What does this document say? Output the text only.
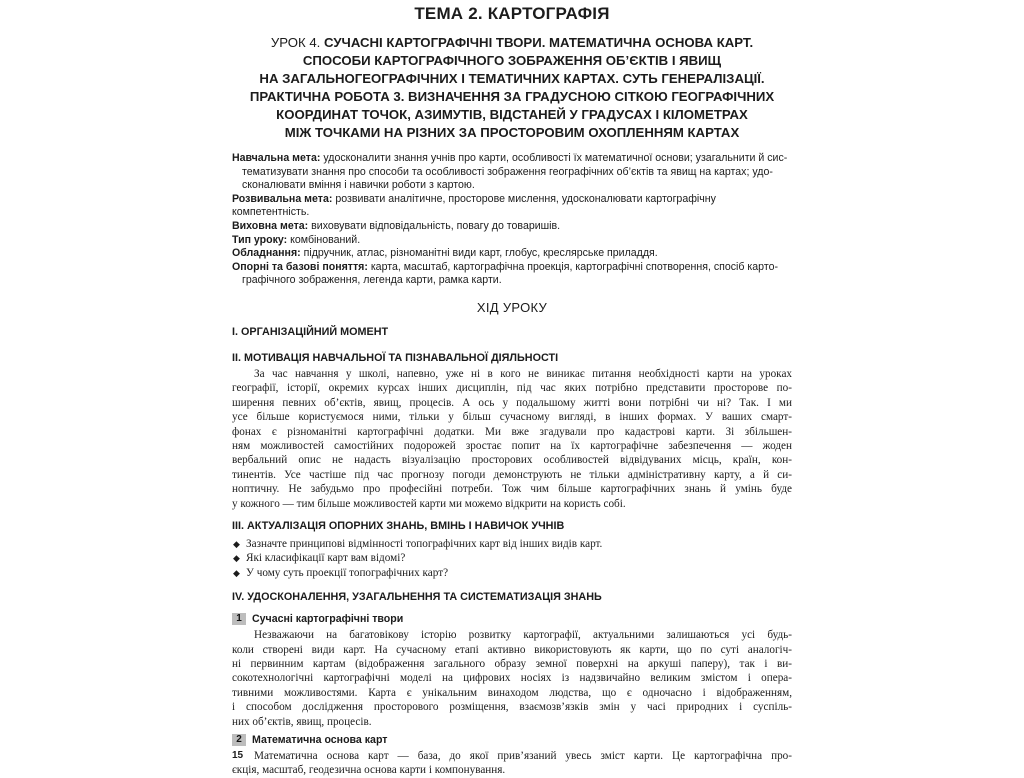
ТЕМА 2. КАРТОГРАФІЯ
УРОК 4. СУЧАСНІ КАРТОГРАФІЧНІ ТВОРИ. МАТЕМАТИЧНА ОСНОВА КАРТ.
СПОСОБИ КАРТОГРАФІЧНОГО ЗОБРАЖЕННЯ ОБ’ЄКТІВ І ЯВИЩ
НА ЗАГАЛЬНОГЕОГРАФІЧНИХ І ТЕМАТИЧНИХ КАРТАХ. СУТЬ ГЕНЕРАЛІЗАЦІЇ.
ПРАКТИЧНА РОБОТА 3. ВИЗНАЧЕННЯ ЗА ГРАДУСНОЮ СІТКОЮ ГЕОГРАФІЧНИХ
КООРДИНАТ ТОЧОК, АЗИМУТІВ, ВІДСТАНЕЙ У ГРАДУСАХ І КІЛОМЕТРАХ
МІЖ ТОЧКАМИ НА РІЗНИХ ЗА ПРОСТОРОВИМ ОХОПЛЕННЯМ КАРТАХ

Навчальна мета: удосконалити знання учнів про карти, особливості їх математичної основи; узагальнити й сис-
тематизувати знання про способи та особливості зображення географічних об’єктів та явищ на картах; удо-
сконалювати вміння і навички роботи з картою.

Розвивальна мета: розвивати аналітичне, просторове мислення, удосконалювати картографічну компетентність.

Виховна мета: виховувати відповідальність, повагу до товаришів.

Тип уроку: комбінований.

Обладнання: підручник, атлас, різноманітні види карт, глобус, креслярське приладдя.

Опорні та базові поняття: карта, масштаб, картографічна проекція, картографічні спотворення, спосіб карто-
графічного зображення, легенда карти, рамка карти.

ХІД УРОКУ

І. ОРГАНІЗАЦІЙНИЙ МОМЕНТ

ІІ. МОТИВАЦІЯ НАВЧАЛЬНОЇ ТА ПІЗНАВАЛЬНОЇ ДІЯЛЬНОСТІ

За час навчання у школі, напевно, уже ні в кого не виникає питання необхідності карти на уроках
географії, історії, окремих курсах інших дисциплін, під час яких потрібно представити просторове по-
ширення певних об’єктів, явищ, процесів. А ось у подальшому житті вони потрібні чи ні? Так. І ми
усе більше користуємося ними, тільки у більш сучасному вигляді, в інших формах. У ваших смарт-
фонах є різноманітні картографічні додатки. Ми вже згадували про кадастрові карти. Зі збільшен-
ням можливостей самостійних подорожей зростає попит на їх картографічне забезпечення — жоден
вербальний опис не надасть візуалізацію просторових особливостей відвідуваних місць, країн, кон-
тинентів. Усе частіше під час прогнозу погоди демонструють не тільки адміністративну карту, а й си-
ноптичну. Не забудьмо про професійні потреби. Тож чим більше картографічних знань й умінь буде
у кожного — тим більше можливостей карти ми можемо відкрити на користь собі.

ІІІ. АКТУАЛІЗАЦІЯ ОПОРНИХ ЗНАНЬ, ВМІНЬ І НАВИЧОК УЧНІВ

◆ Зазначте принципові відмінності топографічних карт від інших видів карт.
◆ Які класифікації карт вам відомі?
◆ У чому суть проекції топографічних карт?

IV. УДОСКОНАЛЕННЯ, УЗАГАЛЬНЕННЯ ТА СИСТЕМАТИЗАЦІЯ ЗНАНЬ

1 Сучасні картографічні твори

Незважаючи на багатовікову історію розвитку картографії, актуальними залишаються усі будь-
коли створені види карт. На сучасному етапі активно використовують як карти, що по суті аналогіч-
ні первинним картам (відображення загального образу земної поверхні на аркуші паперу), так і ви-
сокотехнологічні картографічні моделі на цифрових носіях із надзвичайно великим змістом і опера-
тивними можливостями. Карта є унікальним винаходом людства, що є одночасно і відображенням,
і способом дослідження просторового розміщення, взаємозв’язків змін у часі природних і суспіль-
них об’єктів, явищ, процесів.

2 Математична основа карт

Математична основа карт — база, до якої прив’язаний увесь зміст карти. Це картографічна про-
єкція, масштаб, геодезична основа карти і компонування.
15
